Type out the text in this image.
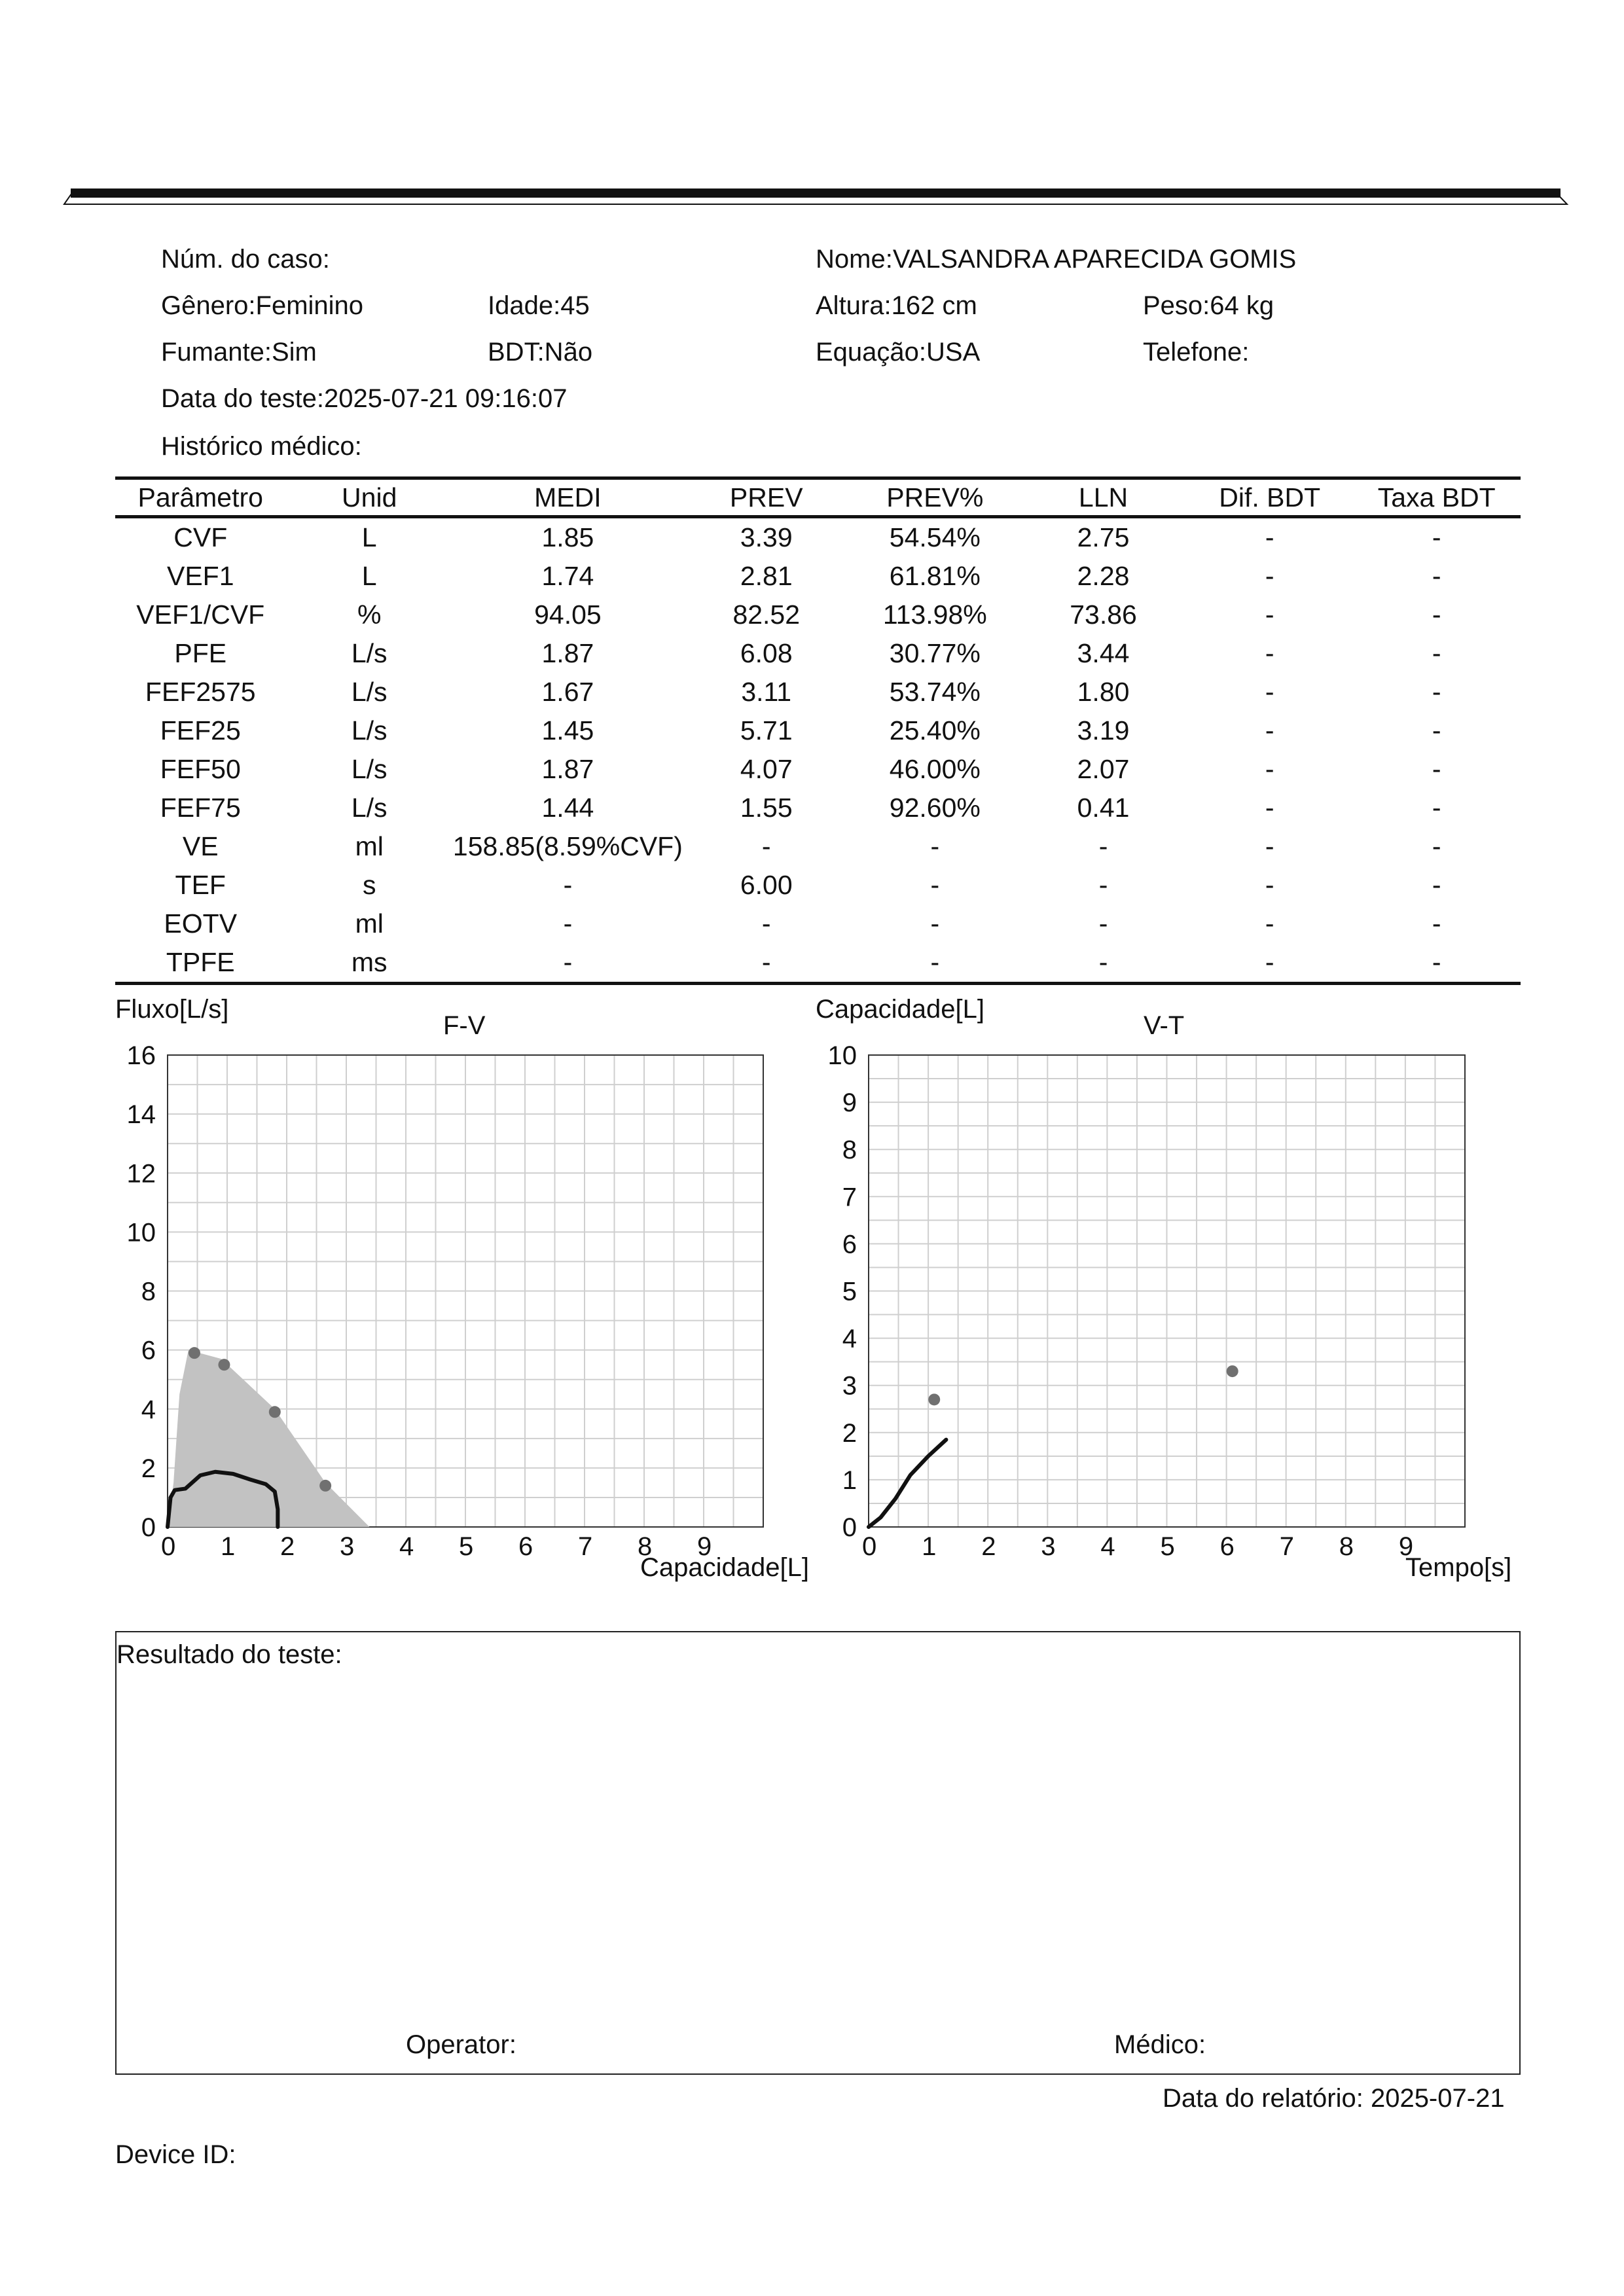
Núm. do caso:	Nome:VALSANDRA APARECIDA GOMIS
Gênero:Feminino	Idade:45	Altura:162 cm	Peso:64 kg
Fumante:Sim	BDT:Não	Equação:USA	Telefone:
Data do teste:2025-07-21 09:16:07
Histórico médico:
Parâmetro	Unid	MEDI	PREV	PREV%	LLN	Dif. BDT	Taxa BDT
CVF	L	1.85	3.39	54.54%	2.75	-	-
VEF1	L	1.74	2.81	61.81%	2.28	-	-
VEF1/CVF	%	94.05	82.52	113.98%	73.86	-	-
PFE	L/s	1.87	6.08	30.77%	3.44	-	-
FEF2575	L/s	1.67	3.11	53.74%	1.80	-	-
FEF25	L/s	1.45	5.71	25.40%	3.19	-	-
FEF50	L/s	1.87	4.07	46.00%	2.07	-	-
FEF75	L/s	1.44	1.55	92.60%	0.41	-	-
VE	ml	158.85(8.59%CVF)	-	-	-	-	-
TEF	s	-	6.00	-	-	-	-
EOTV	ml	-	-	-	-	-	-
TPFE	ms	-	-	-	-	-	-
Fluxo[L/s]
F-V
Capacidade[L]
0 1 2 3 4 5 6 7 8 9
0
2
4
6
8
10
12
14
16
0 1 2 3 4 5 6 7 8 9
0
1
2
3
4
5
6
7
8
9
10
Capacidade[L]
V-T
Tempo[s]
Resultado do teste:
Operator:	Médico:
Data do relatório: 2025-07-21
Device ID:
